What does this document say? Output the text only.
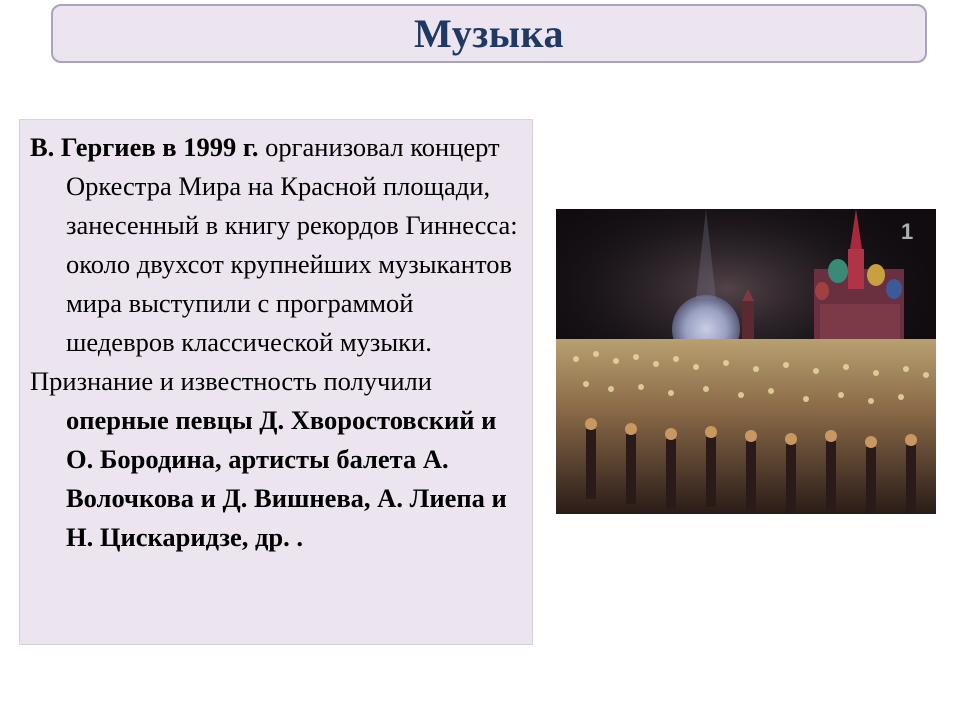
Музыка

В. Гергиев в 1999 г. организовал концерт Оркестра Мира на Красной площади, занесенный в книгу рекордов Гиннесса: около двухсот крупнейших музыкантов мира выступили с программой шедевров классической музыки.

Признание и известность получили оперные певцы Д. Хворостовский и О. Бородина, артисты балета А. Волочкова и Д. Вишнева, А. Лиепа и Н. Цискаридзе, др. .

1
